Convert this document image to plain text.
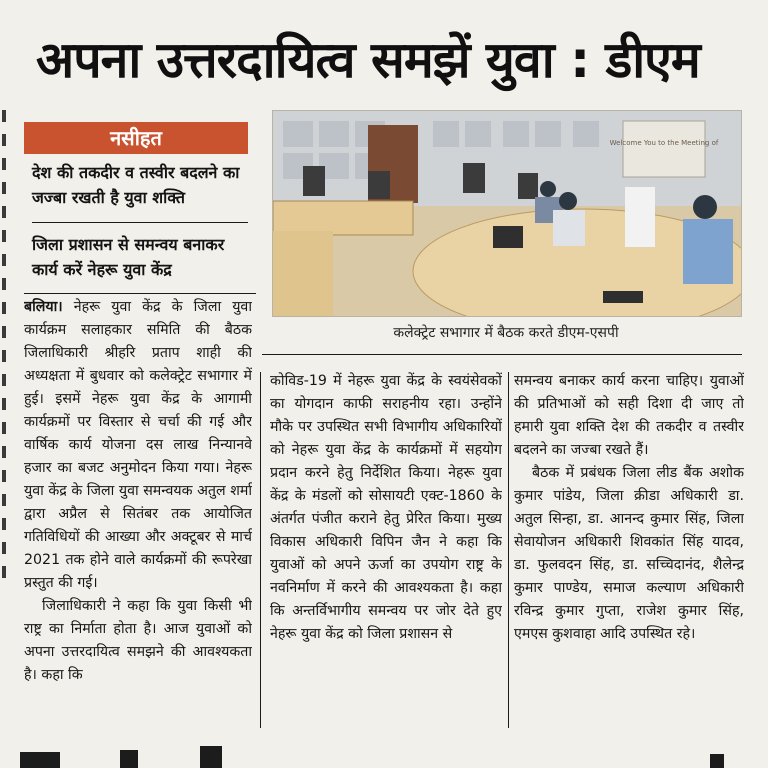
अपना उत्तरदायित्व समझें युवा : डीएम
नसीहत
देश की तकदीर व तस्वीर बदलने का जज्बा रखती है युवा शक्ति
जिला प्रशासन से समन्वय बनाकर कार्य करें नेहरू युवा केंद्र
Welcome You to the Meeting of
कलेक्ट्रेट सभागार में बैठक करते डीएम-एसपी

बलिया। नेहरू युवा केंद्र के जिला युवा कार्यक्रम सलाहकार समिति की बैठक जिलाधिकारी श्रीहरि प्रताप शाही की अध्यक्षता में बुधवार को कलेक्ट्रेट सभागार में हुई। इसमें नेहरू युवा केंद्र के आगामी कार्यक्रमों पर विस्तार से चर्चा की गई और वार्षिक कार्य योजना दस लाख निन्यानवे हजार का बजट अनुमोदन किया गया। नेहरू युवा केंद्र के जिला युवा समन्वयक अतुल शर्मा द्वारा अप्रैल से सितंबर तक आयोजित गतिविधियों की आख्या और अक्टूबर से मार्च 2021 तक होने वाले कार्यक्रमों की रूपरेखा प्रस्तुत की गई।

जिलाधिकारी ने कहा कि युवा किसी भी राष्ट्र का निर्माता होता है। आज युवाओं को अपना उत्तरदायित्व समझने की आवश्यकता है। कहा कि

कोविड-19 में नेहरू युवा केंद्र के स्वयंसेवकों का योगदान काफी सराहनीय रहा। उन्होंने मौके पर उपस्थित सभी विभागीय अधिकारियों को नेहरू युवा केंद्र के कार्यक्रमों में सहयोग प्रदान करने हेतु निर्देशित किया। नेहरू युवा केंद्र के मंडलों को सोसायटी एक्ट-1860 के अंतर्गत पंजीत कराने हेतु प्रेरित किया। मुख्य विकास अधिकारी विपिन जैन ने कहा कि युवाओं को अपने ऊर्जा का उपयोग राष्ट्र के नवनिर्माण में करने की आवश्यकता है। कहा कि अन्तर्विभागीय समन्वय पर जोर देते हुए नेहरू युवा केंद्र को जिला प्रशासन से

समन्वय बनाकर कार्य करना चाहिए। युवाओं की प्रतिभाओं को सही दिशा दी जाए तो हमारी युवा शक्ति देश की तकदीर व तस्वीर बदलने का जज्बा रखते हैं।

बैठक में प्रबंधक जिला लीड बैंक अशोक कुमार पांडेय, जिला क्रीडा अधिकारी डा. अतुल सिन्हा, डा. आनन्द कुमार सिंह, जिला सेवायोजन अधिकारी शिवकांत सिंह यादव, डा. फुलवदन सिंह, डा. सच्चिदानंद, शैलेन्द्र कुमार पाण्डेय, समाज कल्याण अधिकारी रविन्द्र कुमार गुप्ता, राजेश कुमार सिंह, एमएस कुशवाहा आदि उपस्थित रहे।
